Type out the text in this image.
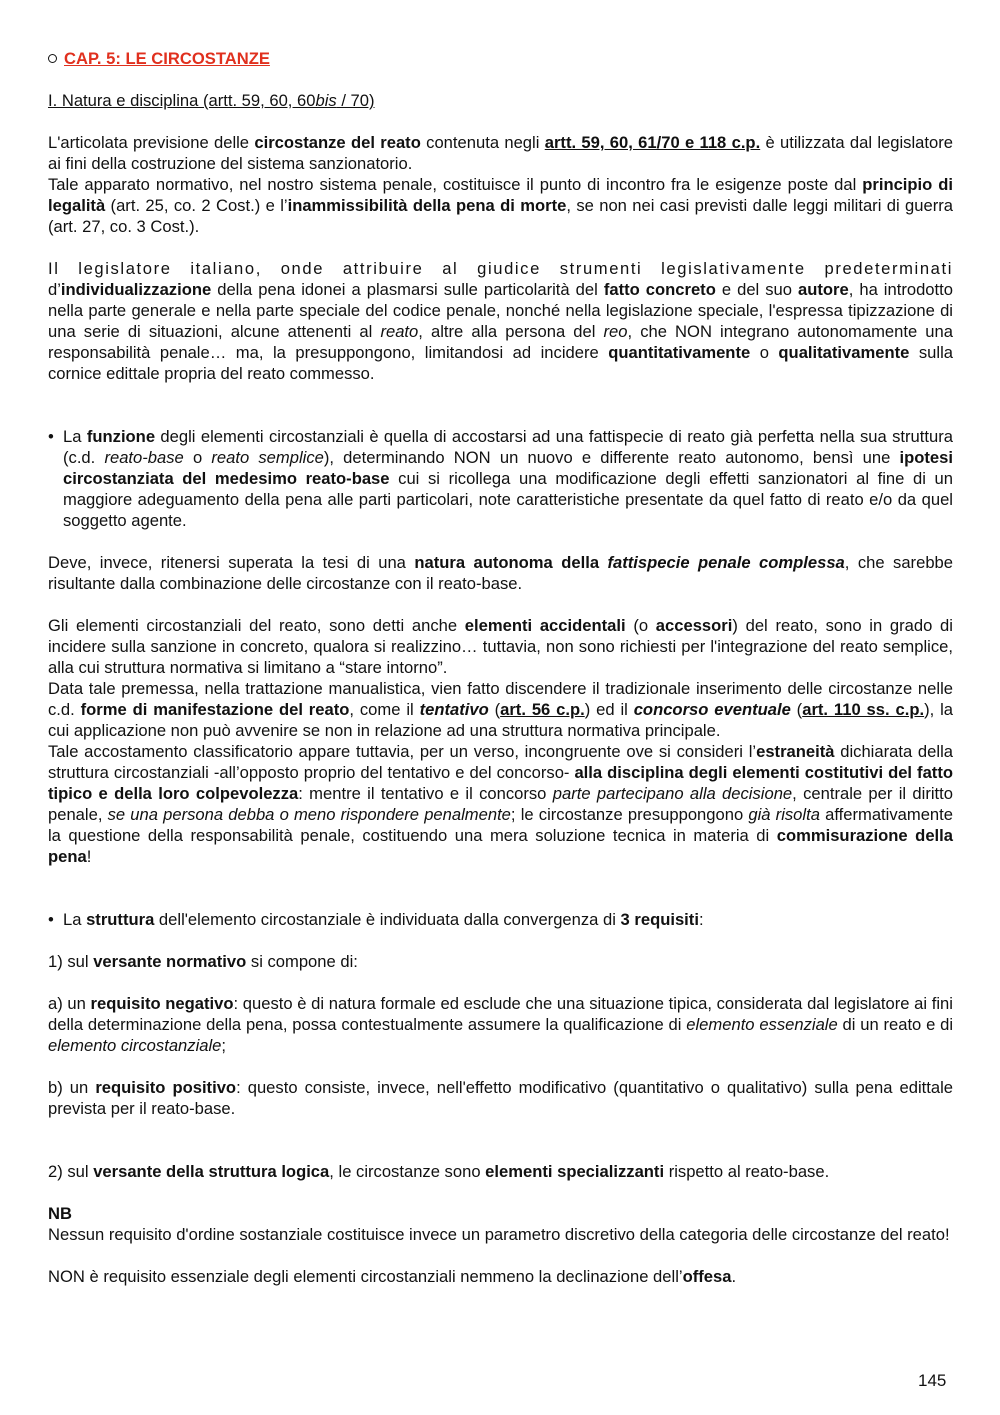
CAP. 5: LE CIRCOSTANZE

I. Natura e disciplina (artt. 59, 60, 60bis / 70)

L'articolata previsione delle circostanze del reato contenuta negli artt. 59, 60, 61/70 e 118 c.p. è utilizzata dal legislatore ai fini della costruzione del sistema sanzionatorio.

Tale apparato normativo, nel nostro sistema penale, costituisce il punto di incontro fra le esigenze poste dal principio di legalità (art. 25, co. 2 Cost.) e l’inammissibilità della pena di morte, se non nei casi previsti dalle leggi militari di guerra (art. 27, co. 3 Cost.).

Il legislatore italiano, onde attribuire al giudice strumenti legislativamente predeterminati

d’individualizzazione della pena idonei a plasmarsi sulle particolarità del fatto concreto e del suo autore, ha introdotto nella parte generale e nella parte speciale del codice penale, nonché nella legislazione speciale, l'espressa tipizzazione di una serie di situazioni, alcune attenenti al reato, altre alla persona del reo, che NON integrano autonomamente una responsabilità penale… ma, la presuppongono, limitandosi ad incidere quantitativamente o qualitativamente sulla cornice edittale propria del reato commesso.

• La funzione degli elementi circostanziali è quella di accostarsi ad una fattispecie di reato già perfetta nella sua struttura (c.d. reato-base o reato semplice), determinando NON un nuovo e differente reato autonomo, bensì une ipotesi circostanziata del medesimo reato-base cui si ricollega una modificazione degli effetti sanzionatori al fine di un maggiore adeguamento della pena alle parti particolari, note caratteristiche presentate da quel fatto di reato e/o da quel soggetto agente.

Deve, invece, ritenersi superata la tesi di una natura autonoma della fattispecie penale complessa, che sarebbe risultante dalla combinazione delle circostanze con il reato-base.

Gli elementi circostanziali del reato, sono detti anche elementi accidentali (o accessori) del reato, sono in grado di incidere sulla sanzione in concreto, qualora si realizzino… tuttavia, non sono richiesti per l'integrazione del reato semplice, alla cui struttura normativa si limitano a “stare intorno”.

Data tale premessa, nella trattazione manualistica, vien fatto discendere il tradizionale inserimento delle circostanze nelle c.d. forme di manifestazione del reato, come il tentativo (art. 56 c.p.) ed il concorso eventuale (art. 110 ss. c.p.), la cui applicazione non può avvenire se non in relazione ad una struttura normativa principale.

Tale accostamento classificatorio appare tuttavia, per un verso, incongruente ove si consideri l’estraneità dichiarata della struttura circostanziali -all’opposto proprio del tentativo e del concorso- alla disciplina degli elementi costitutivi del fatto tipico e della loro colpevolezza: mentre il tentativo e il concorso parte partecipano alla decisione, centrale per il diritto penale, se una persona debba o meno rispondere penalmente; le circostanze presuppongono già risolta affermativamente la questione della responsabilità penale, costituendo una mera soluzione tecnica in materia di commisurazione della pena!

• La struttura dell'elemento circostanziale è individuata dalla convergenza di 3 requisiti:

1) sul versante normativo si compone di:

a) un requisito negativo: questo è di natura formale ed esclude che una situazione tipica, considerata dal legislatore ai fini della determinazione della pena, possa contestualmente assumere la qualificazione di elemento essenziale di un reato e di elemento circostanziale;

b) un requisito positivo: questo consiste, invece, nell'effetto modificativo (quantitativo o qualitativo) sulla pena edittale prevista per il reato-base.

2) sul versante della struttura logica, le circostanze sono elementi specializzanti rispetto al reato-base.

NB

Nessun requisito d'ordine sostanziale costituisce invece un parametro discretivo della categoria delle circostanze del reato!

NON è requisito essenziale degli elementi circostanziali nemmeno la declinazione dell’offesa.

145
